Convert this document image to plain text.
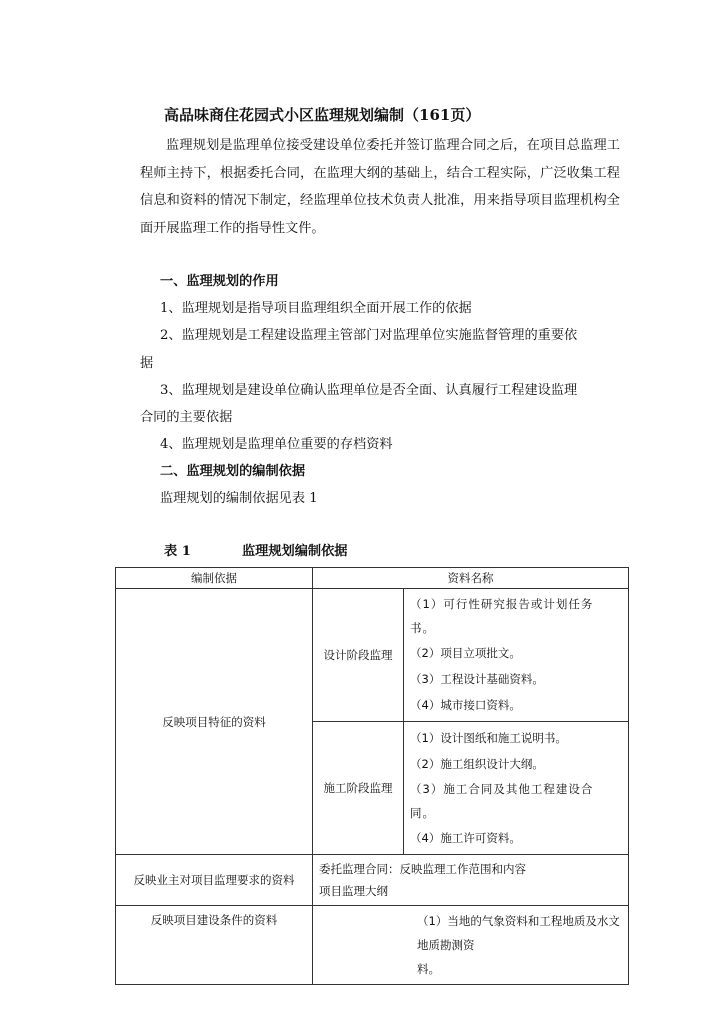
高品味商住花园式小区监理规划编制（161页）

监理规划是监理单位接受建设单位委托并签订监理合同之后，在项目总监理工程师主持下，根据委托合同，在监理大纲的基础上，结合工程实际，广泛收集工程信息和资料的情况下制定，经监理单位技术负责人批准，用来指导项目监理机构全面开展监理工作的指导性文件。

一、监理规划的作用
1、监理规划是指导项目监理组织全面开展工作的依据
2、监理规划是工程建设监理主管部门对监理单位实施监督管理的重要依
据
3、监理规划是建设单位确认监理单位是否全面、认真履行工程建设监理
合同的主要依据
4、监理规划是监理单位重要的存档资料
二、监理规划的编制依据
监理规划的编制依据见表 1
表 1	监理规划编制依据
编制依据	资料名称	
反映项目特征的资料	设计阶段监理	（1）可行性研究报告或计划任务
书。
（2）项目立项批文。
（3）工程设计基础资料。
（4）城市接口资料。

	施工阶段监理	（1）设计图纸和施工说明书。
（2）施工组织设计大纲。
（3）施工合同及其他工程建设合
同。
（4）施工许可资料。

反映业主对项目监理要求的资料	委托监理合同：反映监理工作范围和内容
项目监理大纲	

反映项目建设条件的资料	（1）当地的气象资料和工程地质及水文地质勘测资
料。	
